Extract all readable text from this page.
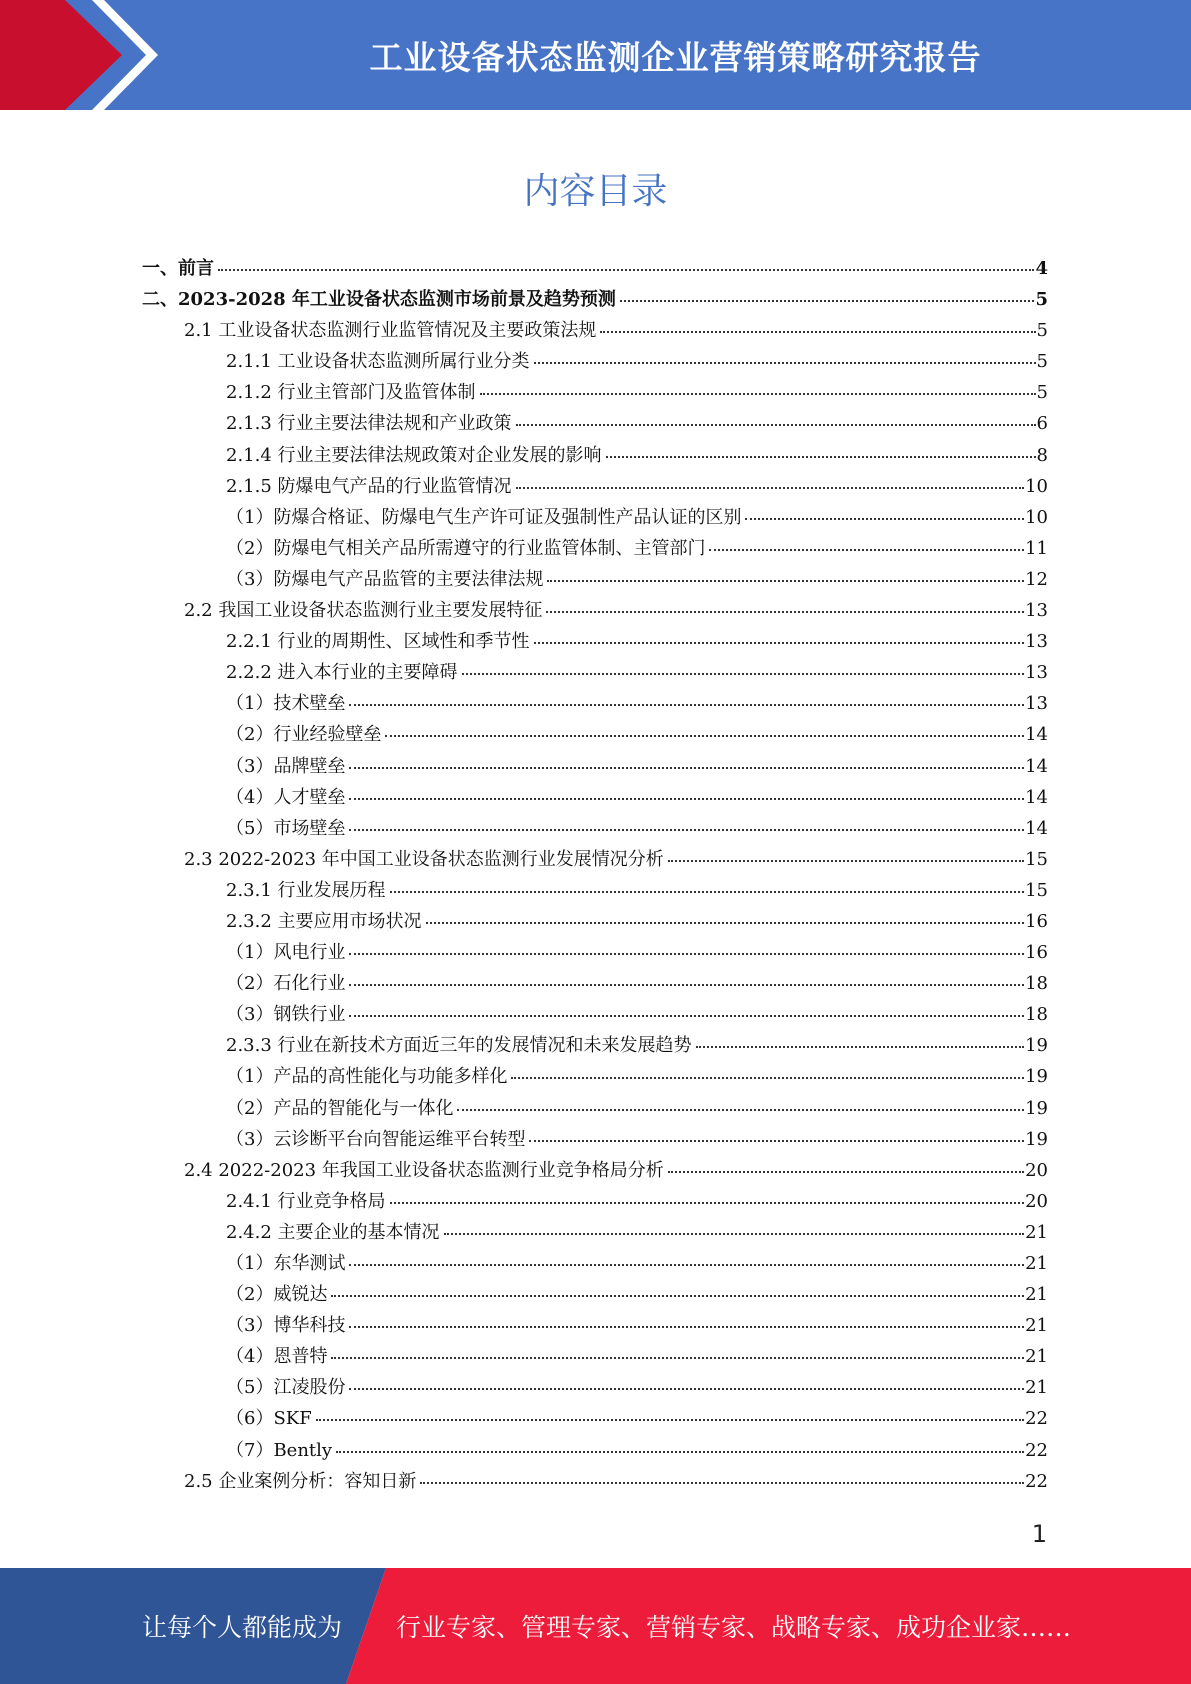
工业设备状态监测企业营销策略研究报告
内容目录
一、前言	4
二、2023-2028 年工业设备状态监测市场前景及趋势预测	5
2.1 工业设备状态监测行业监管情况及主要政策法规	5
2.1.1 工业设备状态监测所属行业分类	5
2.1.2 行业主管部门及监管体制	5
2.1.3 行业主要法律法规和产业政策	6
2.1.4 行业主要法律法规政策对企业发展的影响	8
2.1.5 防爆电气产品的行业监管情况	10
（1）防爆合格证、防爆电气生产许可证及强制性产品认证的区别	10
（2）防爆电气相关产品所需遵守的行业监管体制、主管部门	11
（3）防爆电气产品监管的主要法律法规	12
2.2 我国工业设备状态监测行业主要发展特征	13
2.2.1 行业的周期性、区域性和季节性	13
2.2.2 进入本行业的主要障碍	13
（1）技术壁垒	13
（2）行业经验壁垒	14
（3）品牌壁垒	14
（4）人才壁垒	14
（5）市场壁垒	14
2.3 2022-2023 年中国工业设备状态监测行业发展情况分析	15
2.3.1 行业发展历程	15
2.3.2 主要应用市场状况	16
（1）风电行业	16
（2）石化行业	18
（3）钢铁行业	18
2.3.3 行业在新技术方面近三年的发展情况和未来发展趋势	19
（1）产品的高性能化与功能多样化	19
（2）产品的智能化与一体化	19
（3）云诊断平台向智能运维平台转型	19
2.4 2022-2023 年我国工业设备状态监测行业竞争格局分析	20
2.4.1 行业竞争格局	20
2.4.2 主要企业的基本情况	21
（1）东华测试	21
（2）威锐达	21
（3）博华科技	21
（4）恩普特	21
（5）江凌股份	21
（6）SKF	22
（7）Bently	22
2.5 企业案例分析：容知日新	22
1
让每个人都能成为 行业专家、管理专家、营销专家、战略专家、成功企业家……
